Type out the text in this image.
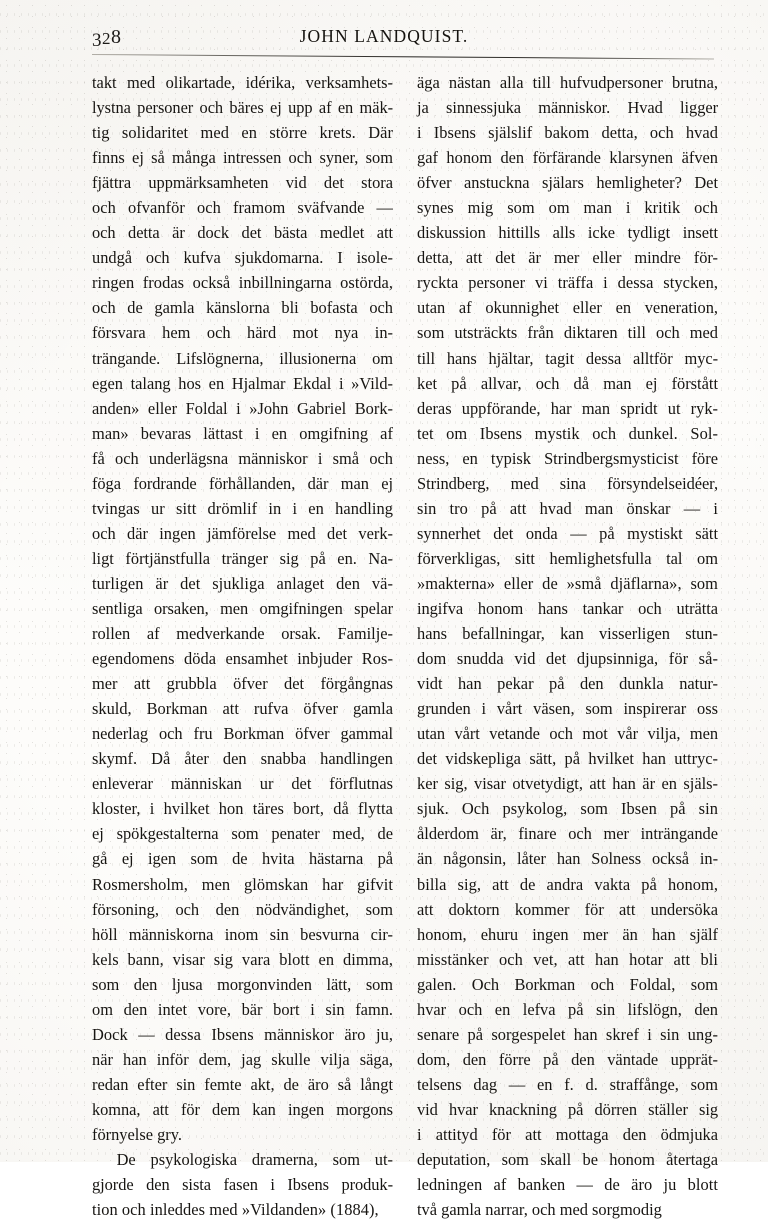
328	JOHN LANDQUIST.

takt med olikartade, idérika, verksamhets-
lystna personer och bäres ej upp af en mäk-
tig solidaritet med en större krets. Där
finns ej så många intressen och syner, som
fjättra uppmärksamheten vid det stora
och ofvanför och framom sväfvande —
och detta är dock det bästa medlet att
undgå och kufva sjukdomarna. I isole-
ringen frodas också inbillningarna ostörda,
och de gamla känslorna bli bofasta och
försvara hem och härd mot nya in-
trängande. Lifslögnerna, illusionerna om
egen talang hos en Hjalmar Ekdal i »Vild-
anden» eller Foldal i »John Gabriel Bork-
man» bevaras lättast i en omgifning af
få och underlägsna människor i små och
föga fordrande förhållanden, där man ej
tvingas ur sitt drömlif in i en handling
och där ingen jämförelse med det verk-
ligt förtjänstfulla tränger sig på en. Na-
turligen är det sjukliga anlaget den vä-
sentliga orsaken, men omgifningen spelar
rollen af medverkande orsak. Familje-
egendomens döda ensamhet inbjuder Ros-
mer att grubbla öfver det förgångnas
skuld, Borkman att rufva öfver gamla
nederlag och fru Borkman öfver gammal
skymf. Då åter den snabba handlingen
enleverar människan ur det förflutnas
kloster, i hvilket hon täres bort, då flytta
ej spökgestalterna som penater med, de
gå ej igen som de hvita hästarna på
Rosmersholm, men glömskan har gifvit
försoning, och den nödvändighet, som
höll människorna inom sin besvurna cir-
kels bann, visar sig vara blott en dimma,
som den ljusa morgonvinden lätt, som
om den intet vore, bär bort i sin famn.
Dock — dessa Ibsens människor äro ju,
när han inför dem, jag skulle vilja säga,
redan efter sin femte akt, de äro så långt
komna, att för dem kan ingen morgons
förnyelse gry.

De psykologiska dramerna, som ut-
gjorde den sista fasen i Ibsens produk-
tion och inleddes med »Vildanden» (1884),

äga nästan alla till hufvudpersoner brutna,
ja sinnessjuka människor. Hvad ligger
i Ibsens själslif bakom detta, och hvad
gaf honom den förfärande klarsynen äfven
öfver anstuckna själars hemligheter? Det
synes mig som om man i kritik och
diskussion hittills alls icke tydligt insett
detta, att det är mer eller mindre för-
ryckta personer vi träffa i dessa stycken,
utan af okunnighet eller en veneration,
som utsträckts från diktaren till och med
till hans hjältar, tagit dessa alltför myc-
ket på allvar, och då man ej förstått
deras uppförande, har man spridt ut ryk-
tet om Ibsens mystik och dunkel. Sol-
ness, en typisk Strindbergsmysticist före
Strindberg, med sina försyndelseidéer,
sin tro på att hvad man önskar — i
synnerhet det onda — på mystiskt sätt
förverkligas, sitt hemlighetsfulla tal om
»makterna» eller de »små djäflarna», som
ingifva honom hans tankar och uträtta
hans befallningar, kan visserligen stun-
dom snudda vid det djupsinniga, för så-
vidt han pekar på den dunkla natur-
grunden i vårt väsen, som inspirerar oss
utan vårt vetande och mot vår vilja, men
det vidskepliga sätt, på hvilket han uttryc-
ker sig, visar otvetydigt, att han är en själs-
sjuk. Och psykolog, som Ibsen på sin
ålderdom är, finare och mer inträngande
än någonsin, låter han Solness också in-
billa sig, att de andra vakta på honom,
att doktorn kommer för att undersöka
honom, ehuru ingen mer än han själf
misstänker och vet, att han hotar att bli
galen. Och Borkman och Foldal, som
hvar och en lefva på sin lifslögn, den
senare på sorgespelet han skref i sin ung-
dom, den förre på den väntade upprät-
telsens dag — en f. d. straffånge, som
vid hvar knackning på dörren ställer sig
i attityd för att mottaga den ödmjuka
deputation, som skall be honom återtaga
ledningen af banken — de äro ju blott
två gamla narrar, och med sorgmodig
